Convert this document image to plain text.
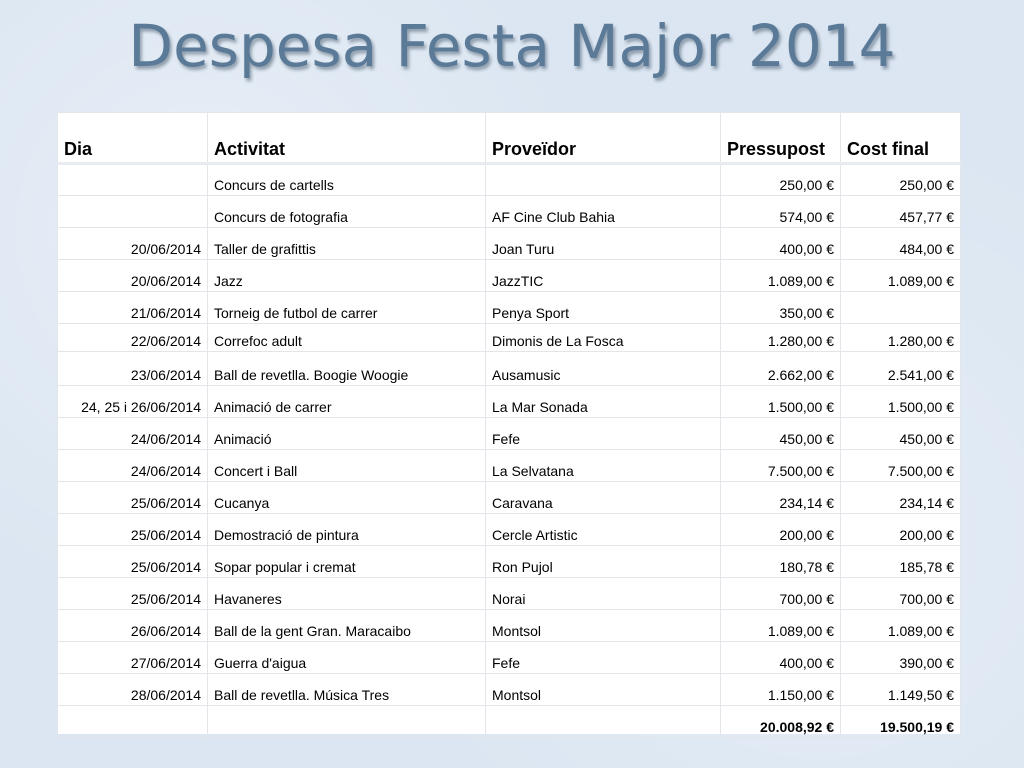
Despesa Festa Major 2014
Dia	Activitat	Proveïdor	Pressupost	Cost final
	Concurs de cartells		250,00 €	250,00 €
	Concurs de fotografia	AF Cine Club Bahia	574,00 €	457,77 €
20/06/2014	Taller de grafittis	Joan Turu	400,00 €	484,00 €
20/06/2014	Jazz	JazzTIC	1.089,00 €	1.089,00 €
21/06/2014	Torneig de futbol de carrer	Penya Sport	350,00 €	
22/06/2014	Correfoc adult	Dimonis de La Fosca	1.280,00 €	1.280,00 €
23/06/2014	Ball de revetlla. Boogie Woogie	Ausamusic	2.662,00 €	2.541,00 €
24, 25 i 26/06/2014	Animació de carrer	La Mar Sonada	1.500,00 €	1.500,00 €
24/06/2014	Animació	Fefe	450,00 €	450,00 €
24/06/2014	Concert i Ball	La Selvatana	7.500,00 €	7.500,00 €
25/06/2014	Cucanya	Caravana	234,14 €	234,14 €
25/06/2014	Demostració de pintura	Cercle Artistic	200,00 €	200,00 €
25/06/2014	Sopar popular i cremat	Ron Pujol	180,78 €	185,78 €
25/06/2014	Havaneres	Norai	700,00 €	700,00 €
26/06/2014	Ball de la gent Gran. Maracaibo	Montsol	1.089,00 €	1.089,00 €
27/06/2014	Guerra d'aigua	Fefe	400,00 €	390,00 €
28/06/2014	Ball de revetlla. Música Tres	Montsol	1.150,00 €	1.149,50 €
			20.008,92 €	19.500,19 €
